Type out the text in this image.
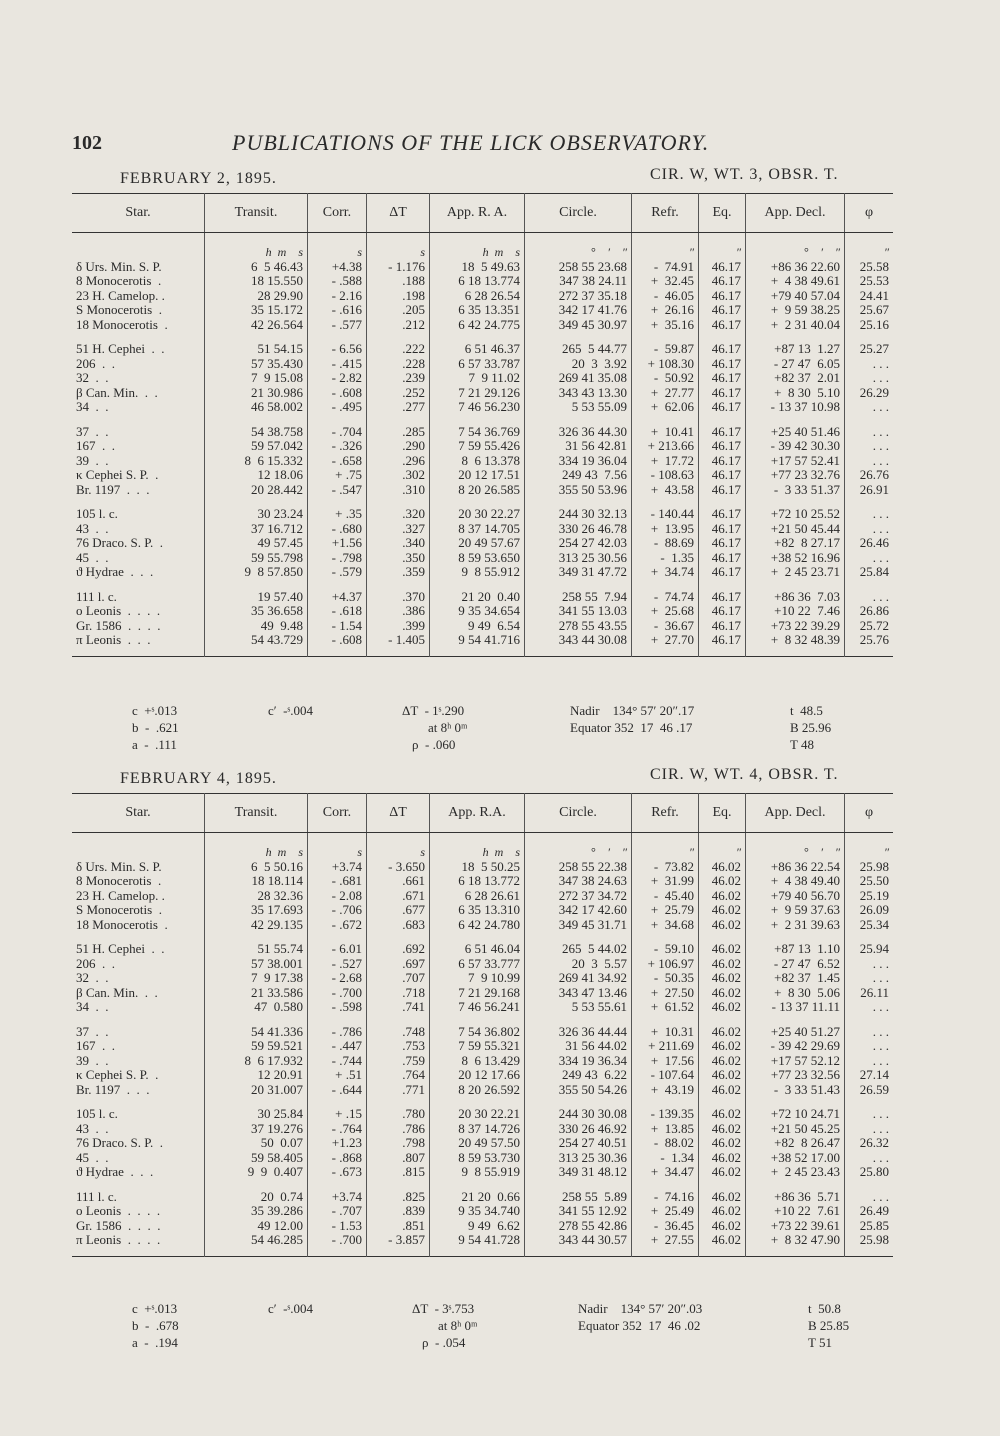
102	PUBLICATIONS OF THE LICK OBSERVATORY.
FEBRUARY 2, 1895.	CIR. W, WT. 3, OBSR. T.
Star.	Transit.	Corr.	ΔT	App. R. A.	Circle.	Refr.	Eq.	App. Decl.	φ
	h  m    s	s	s	h  m    s	°    ′    ″	″	″	°    ′    ″	″
δ Urs. Min. S. P.	6  5 46.43	+4.38	- 1.176	18  5 49.63	258 55 23.68	-  74.91	46.17	+86 36 22.60	25.58
8 Monocerotis  .	18 15.550	- .588	.188	6 18 13.774	347 38 24.11	+  32.45	46.17	+  4 38 49.61	25.53
23 H. Camelop. .	28 29.90	- 2.16	.198	6 28 26.54	272 37 35.18	-  46.05	46.17	+79 40 57.04	24.41
S Monocerotis  .	35 15.172	- .616	.205	6 35 13.351	342 17 41.76	+  26.16	46.17	+  9 59 38.25	25.67
18 Monocerotis  .	42 26.564	- .577	.212	6 42 24.775	349 45 30.97	+  35.16	46.17	+  2 31 40.04	25.16
51 H. Cephei  .  .	51 54.15	- 6.56	.222	6 51 46.37	265  5 44.77	-  59.87	46.17	+87 13  1.27	25.27
206  .  .	57 35.430	- .415	.228	6 57 33.787	20  3  3.92	+ 108.30	46.17	- 27 47  6.05	. . .
32  .  .	7  9 15.08	- 2.82	.239	7  9 11.02	269 41 35.08	-  50.92	46.17	+82 37  2.01	. . .
β Can. Min.  .  .	21 30.986	- .608	.252	7 21 29.126	343 43 13.30	+  27.77	46.17	+  8 30  5.10	26.29
34  .  .	46 58.002	- .495	.277	7 46 56.230	5 53 55.09	+  62.06	46.17	- 13 37 10.98	. . .
37  .  .	54 38.758	- .704	.285	7 54 36.769	326 36 44.30	+  10.41	46.17	+25 40 51.46	. . .
167  .  .	59 57.042	- .326	.290	7 59 55.426	31 56 42.81	+ 213.66	46.17	- 39 42 30.30	. . .
39  .  .	8  6 15.332	- .658	.296	8  6 13.378	334 19 36.04	+  17.72	46.17	+17 57 52.41	. . .
κ Cephei S. P.  .	12 18.06	+ .75	.302	20 12 17.51	249 43  7.56	- 108.63	46.17	+77 23 32.76	26.76
Br. 1197  .  .  .	20 28.442	- .547	.310	8 20 26.585	355 50 53.96	+  43.58	46.17	-  3 33 51.37	26.91
105 l. c.	30 23.24	+ .35	.320	20 30 22.27	244 30 32.13	- 140.44	46.17	+72 10 25.52	. . .
43  .  .	37 16.712	- .680	.327	8 37 14.705	330 26 46.78	+  13.95	46.17	+21 50 45.44	. . .
76 Draco. S. P.  .	49 57.45	+1.56	.340	20 49 57.67	254 27 42.03	-  88.69	46.17	+82  8 27.17	26.46
45  .  .	59 55.798	- .798	.350	8 59 53.650	313 25 30.56	-  1.35	46.17	+38 52 16.96	. . .
ϑ Hydrae  .  .  .	9  8 57.850	- .579	.359	9  8 55.912	349 31 47.72	+  34.74	46.17	+  2 45 23.71	25.84
111 l. c.	19 57.40	+4.37	.370	21 20  0.40	258 55  7.94	-  74.74	46.17	+86 36  7.03	. . .
o Leonis  .  .  .  .	35 36.658	- .618	.386	9 35 34.654	341 55 13.03	+  25.68	46.17	+10 22  7.46	26.86
Gr. 1586  .  .  .  .	49  9.48	- 1.54	.399	9 49  6.54	278 55 43.55	-  36.67	46.17	+73 22 39.29	25.72
π Leonis  .  .  .	54 43.729	- .608	- 1.405	9 54 41.716	343 44 30.08	+  27.70	46.17	+  8 32 48.39	25.76
c  +ˢ.013
b  -  .621
a  -  .111
c′  -ˢ.004	ΔT  - 1ˢ.290
at 8ʰ 0ᵐ
ρ  - .060
Nadir    134° 57′ 20″.17
Equator 352  17  46 .17
t  48.5
B 25.96
T 48
FEBRUARY 4, 1895.	CIR. W, WT. 4, OBSR. T.
Star.	Transit.	Corr.	ΔT	App. R.A.	Circle.	Refr.	Eq.	App. Decl.	φ
	h  m    s	s	s	h  m    s	°    ′    ″	″	″	°    ′    ″	″
δ Urs. Min. S. P.	6  5 50.16	+3.74	- 3.650	18  5 50.25	258 55 22.38	-  73.82	46.02	+86 36 22.54	25.98
8 Monocerotis  .	18 18.114	- .681	.661	6 18 13.772	347 38 24.63	+  31.99	46.02	+  4 38 49.40	25.50
23 H. Camelop. .	28 32.36	- 2.08	.671	6 28 26.61	272 37 34.72	-  45.40	46.02	+79 40 56.70	25.19
S Monocerotis  .	35 17.693	- .706	.677	6 35 13.310	342 17 42.60	+  25.79	46.02	+  9 59 37.63	26.09
18 Monocerotis  .	42 29.135	- .672	.683	6 42 24.780	349 45 31.71	+  34.68	46.02	+  2 31 39.63	25.34
51 H. Cephei  .  .	51 55.74	- 6.01	.692	6 51 46.04	265  5 44.02	-  59.10	46.02	+87 13  1.10	25.94
206  .  .	57 38.001	- .527	.697	6 57 33.777	20  3  5.57	+ 106.97	46.02	- 27 47  6.52	. . .
32  .  .	7  9 17.38	- 2.68	.707	7  9 10.99	269 41 34.92	-  50.35	46.02	+82 37  1.45	. . .
β Can. Min.  .  .	21 33.586	- .700	.718	7 21 29.168	343 47 13.46	+  27.50	46.02	+  8 30  5.06	26.11
34  .  .	47  0.580	- .598	.741	7 46 56.241	5 53 55.61	+  61.52	46.02	- 13 37 11.11	. . .
37  .  .	54 41.336	- .786	.748	7 54 36.802	326 36 44.44	+  10.31	46.02	+25 40 51.27	. . .
167  .  .	59 59.521	- .447	.753	7 59 55.321	31 56 44.02	+ 211.69	46.02	- 39 42 29.69	. . .
39  .  .	8  6 17.932	- .744	.759	8  6 13.429	334 19 36.34	+  17.56	46.02	+17 57 52.12	. . .
κ Cephei S. P.  .	12 20.91	+ .51	.764	20 12 17.66	249 43  6.22	- 107.64	46.02	+77 23 32.56	27.14
Br. 1197  .  .  .	20 31.007	- .644	.771	8 20 26.592	355 50 54.26	+  43.19	46.02	-  3 33 51.43	26.59
105 l. c.	30 25.84	+ .15	.780	20 30 22.21	244 30 30.08	- 139.35	46.02	+72 10 24.71	. . .
43  .  .	37 19.276	- .764	.786	8 37 14.726	330 26 46.92	+  13.85	46.02	+21 50 45.25	. . .
76 Draco. S. P.  .	50  0.07	+1.23	.798	20 49 57.50	254 27 40.51	-  88.02	46.02	+82  8 26.47	26.32
45  .  .	59 58.405	- .868	.807	8 59 53.730	313 25 30.36	-  1.34	46.02	+38 52 17.00	. . .
ϑ Hydrae  .  .  .	9  9  0.407	- .673	.815	9  8 55.919	349 31 48.12	+  34.47	46.02	+  2 45 23.43	25.80
111 l. c.	20  0.74	+3.74	.825	21 20  0.66	258 55  5.89	-  74.16	46.02	+86 36  5.71	. . .
o Leonis  .  .  .  .	35 39.286	- .707	.839	9 35 34.740	341 55 12.92	+  25.49	46.02	+10 22  7.61	26.49
Gr. 1586  .  .  .  .	49 12.00	- 1.53	.851	9 49  6.62	278 55 42.86	-  36.45	46.02	+73 22 39.61	25.85
π Leonis  .  .  .  .	54 46.285	- .700	- 3.857	9 54 41.728	343 44 30.57	+  27.55	46.02	+  8 32 47.90	25.98
c  +ˢ.013
b  -  .678
a  -  .194
c′  -ˢ.004	ΔT  - 3ˢ.753
at 8ʰ 0ᵐ
ρ  - .054
Nadir    134° 57′ 20″.03
Equator 352  17  46 .02
t  50.8
B 25.85
T 51
